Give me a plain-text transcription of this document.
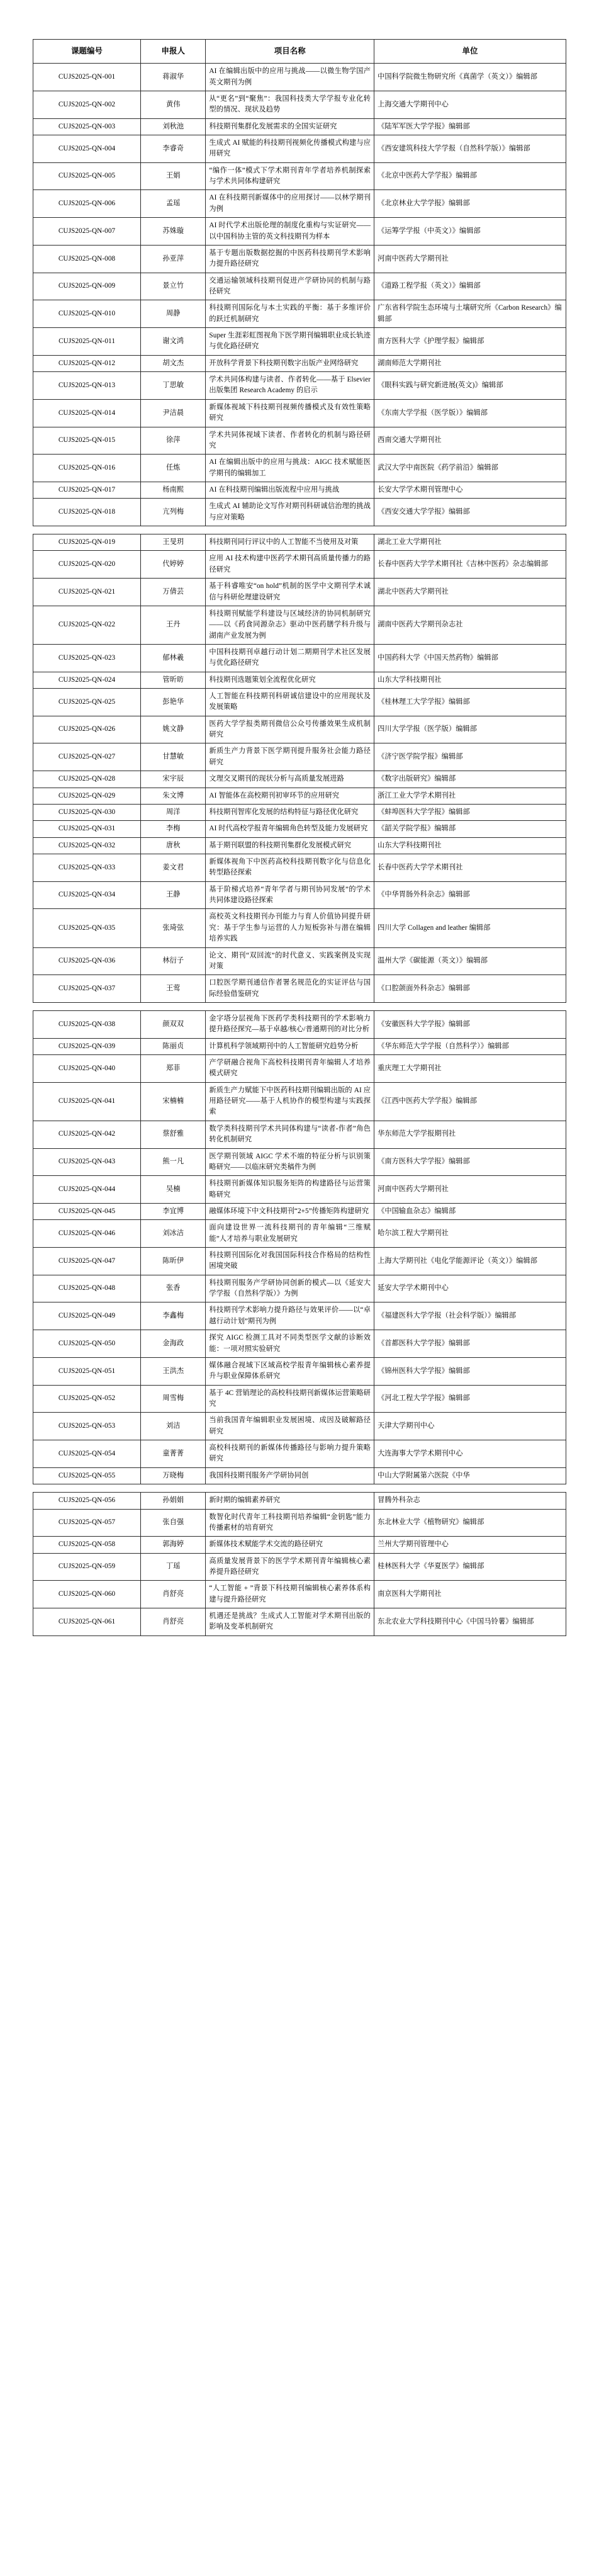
课题编号	申报人	项目名称	单位
CUJS2025-QN-001	蒋淑华	AI 在编辑出版中的应用与挑战——以微生物学国产英文期刊为例	中国科学院微生物研究所《真菌学（英文）》编辑部
CUJS2025-QN-002	黄伟	从“更名”到“聚焦”：我国科技类大学学报专业化转型的情况、现状及趋势	上海交通大学期刊中心
CUJS2025-QN-003	刘秋池	科技期刊集群化发展需求的全国实证研究	《陆军军医大学学报》编辑部
CUJS2025-QN-004	李睿奇	生成式 AI 赋能的科技期刊视频化传播模式构建与应用研究	《西安建筑科技大学学报（自然科学版）》编辑部
CUJS2025-QN-005	王娟	“编作一体”模式下学术期刊青年学者培养机制探索与学术共同体构建研究	《北京中医药大学学报》编辑部
CUJS2025-QN-006	孟瑶	AI 在科技期刊新媒体中的应用探讨——以林学期刊为例	《北京林业大学学报》编辑部
CUJS2025-QN-007	苏姝璇	AI 时代学术出版伦理的制度化重构与实证研究——以中国科协主管的英文科技期刊为样本	《运筹学学报（中英文）》编辑部
CUJS2025-QN-008	孙亚萍	基于专题出版数据挖掘的中医药科技期刊学术影响力提升路径研究	河南中医药大学期刊社
CUJS2025-QN-009	景立竹	交通运输领域科技期刊促进产学研协同的机制与路径研究	《道路工程学报（英文）》编辑部
CUJS2025-QN-010	周静	科技期刊国际化与本土实践的平衡：基于多维评价的跃迁机制研究	广东省科学院生态环境与土壤研究所《Carbon Research》编辑部
CUJS2025-QN-011	谢文鸿	Super 生涯彩虹图视角下医学期刊编辑职业成长轨迹与优化路径研究	南方医科大学《护理学报》编辑部
CUJS2025-QN-012	胡文杰	开放科学背景下科技期刊数字出版产业网络研究	湖南师范大学期刊社
CUJS2025-QN-013	丁思敏	学术共同体构建与读者、作者转化——基于 Elsevier 出版集团 Research Academy 的启示	《眼科实践与研究新进展(英文)》编辑部
CUJS2025-QN-014	尹洁晨	新媒体视域下科技期刊视频传播模式及有效性策略研究	《东南大学学报（医学版）》编辑部
CUJS2025-QN-015	徐萍	学术共同体视域下读者、作者转化的机制与路径研究	西南交通大学期刊社
CUJS2025-QN-016	任炼	AI 在编辑出版中的应用与挑战：AIGC 技术赋能医学期刊的编辑加工	武汉大学中南医院《药学前沿》编辑部
CUJS2025-QN-017	杨南熙	AI 在科技期刊编辑出版流程中应用与挑战	长安大学学术期刊管理中心
CUJS2025-QN-018	亢列梅	生成式 AI 辅助论文写作对期刊科研诚信治理的挑战与应对策略	《西安交通大学学报》编辑部
CUJS2025-QN-019	王旻玥	科技期刊同行评议中的人工智能不当使用及对策	湖北工业大学期刊社
CUJS2025-QN-020	代婷婷	应用 AI 技术构建中医药学术期刊高质量传播力的路径研究	长春中医药大学学术期刊社《吉林中医药》杂志编辑部
CUJS2025-QN-021	万倩芸	基于科睿唯安“on hold”机制的医学中文期刊学术诚信与科研伦理建设研究	湖北中医药大学期刊社
CUJS2025-QN-022	王丹	科技期刊赋能学科建设与区域经济的协同机制研究——以《药食同源杂志》驱动中医药膳学科升级与湖南产业发展为例	湖南中医药大学期刊杂志社
CUJS2025-QN-023	郁林羲	中国科技期刊卓越行动计划二期期刊学术社区发展与优化路径研究	中国药科大学《中国天然药物》编辑部
CUJS2025-QN-024	管昕昉	科技期刊选题策划全流程优化研究	山东大学科技期刊社
CUJS2025-QN-025	彭艳华	人工智能在科技期刊科研诚信建设中的应用现状及发展策略	《桂林理工大学学报》编辑部
CUJS2025-QN-026	姚文静	医药大学学报类期刊微信公众号传播效果生成机制研究	四川大学学报（医学版）编辑部
CUJS2025-QN-027	甘慧敏	新质生产力背景下医学期刊提升服务社会能力路径研究	《济宁医学院学报》编辑部
CUJS2025-QN-028	宋宇辰	文理交叉期刊的现状分析与高质量发展进路	《数字出版研究》编辑部
CUJS2025-QN-029	朱文博	AI 智能体在高校期刊初审环节的应用研究	浙江工业大学学术期刊社
CUJS2025-QN-030	周洋	科技期刊智库化发展的结构特征与路径优化研究	《蚌埠医科大学学报》编辑部
CUJS2025-QN-031	李梅	AI 时代高校学报青年编辑角色转型及能力发展研究	《韶关学院学报》编辑部
CUJS2025-QN-032	唐秋	基于期刊联盟的科技期刊集群化发展模式研究	山东大学科技期刊社
CUJS2025-QN-033	姜文君	新媒体视角下中医药高校科技期刊数字化与信息化转型路径探索	长春中医药大学学术期刊社
CUJS2025-QN-034	王静	基于阶梯式培养“青年学者与期刊协同发展”的学术共同体建设路径探索	《中华胃肠外科杂志》编辑部
CUJS2025-QN-035	张琦弦	高校英文科技期刊办刊能力与育人价值协同提升研究：基于学生参与运营的人力短板弥补与潜在编辑培养实践	四川大学 Collagen and leather 编辑部
CUJS2025-QN-036	林衍子	论文、期刊“双回流”的时代意义、实践案例及实现对策	温州大学《碳能源（英文）》编辑部
CUJS2025-QN-037	王莺	口腔医学期刊通信作者署名规范化的实证评估与国际经验借鉴研究	《口腔颌面外科杂志》编辑部
CUJS2025-QN-038	颜双双	金字塔分层视角下医药学类科技期刊的学术影响力提升路径探究—基于卓越/核心/普通期刊的对比分析	《安徽医科大学学报》编辑部
CUJS2025-QN-039	陈丽贞	计算机科学领域期刊中的人工智能研究趋势分析	《华东师范大学学报（自然科学）》编辑部
CUJS2025-QN-040	郑菲	产学研融合视角下高校科技期刊青年编辑人才培养模式研究	重庆理工大学期刊社
CUJS2025-QN-041	宋楠楠	新质生产力赋能下中医药科技期刊编辑出版的 AI 应用路径研究——基于人机协作的模型构建与实践探索	《江西中医药大学学报》编辑部
CUJS2025-QN-042	蔡舒雅	数学类科技期刊学术共同体构建与“读者-作者”角色转化机制研究	华东师范大学学报期刊社
CUJS2025-QN-043	熊一凡	医学期刊领域 AIGC 学术不端的特征分析与识别策略研究——以临床研究类稿件为例	《南方医科大学学报》编辑部
CUJS2025-QN-044	吴楠	科技期刊新媒体知识服务矩阵的构建路径与运营策略研究	河南中医药大学期刊社
CUJS2025-QN-045	李宜博	融媒体环境下中文科技期刊“2+5”传播矩阵构建研究	《中国输血杂志》编辑部
CUJS2025-QN-046	刘冰洁	面向建设世界一流科技期刊的青年编辑“三维赋能”人才培养与职业发展研究	哈尔滨工程大学期刊社
CUJS2025-QN-047	陈昕伊	科技期刊国际化对我国国际科技合作格局的结构性困境突破	上海大学期刊社《电化学能源评论（英文）》编辑部
CUJS2025-QN-048	张香	科技期刊服务产学研协同创新的模式—以《延安大学学报（自然科学版）》为例	延安大学学术期刊中心
CUJS2025-QN-049	李鑫梅	科技期刊学术影响力提升路径与效果评价——以“卓越行动计划”期刊为例	《福建医科大学学报（社会科学版）》编辑部
CUJS2025-QN-050	金海政	探究 AIGC 检测工具对不同类型医学文献的诊断效能：一项对照实验研究	《首都医科大学学报》编辑部
CUJS2025-QN-051	王洪杰	媒体融合视域下区域高校学报青年编辑核心素养提升与职业保障体系研究	《锦州医科大学学报》编辑部
CUJS2025-QN-052	周雪梅	基于 4C 营销理论的高校科技期刊新媒体运营策略研究	《河北工程大学学报》编辑部
CUJS2025-QN-053	刘洁	当前我国青年编辑职业发展困境、成因及破解路径研究	天津大学期刊中心
CUJS2025-QN-054	童菁菁	高校科技期刊的新媒体传播路径与影响力提升策略研究	大连海事大学学术期刊中心
CUJS2025-QN-055	万晓梅	我国科技期刊服务产学研协同创	中山大学附属第六医院《中华
CUJS2025-QN-056	孙娟娟	新时期的编辑素养研究	冒腾外科杂志
CUJS2025-QN-057	张自强	数智化时代青年工科技期刊培养编辑“金钥匙”能力传播素材的培育研究	东北林业大学《植物研究》编辑部
CUJS2025-QN-058	郭海婷	新媒体技术赋能学术交流的路径研究	兰州大学期刊管理中心
CUJS2025-QN-059	丁瑶	高质量发展背景下的医学学术期刊青年编辑核心素养提升路径研究	桂林医科大学《华夏医学》编辑部
CUJS2025-QN-060	肖舒亮	“人工智能 + ”背景下科技期刊编辑核心素养体系构建与提升路径研究	南京医科大学期刊社
CUJS2025-QN-061	肖舒亮	机遇还是挑战？生成式人工智能对学术期刊出版的影响及变革机制研究	东北农业大学科技期刊中心《中国马铃薯》编辑部
